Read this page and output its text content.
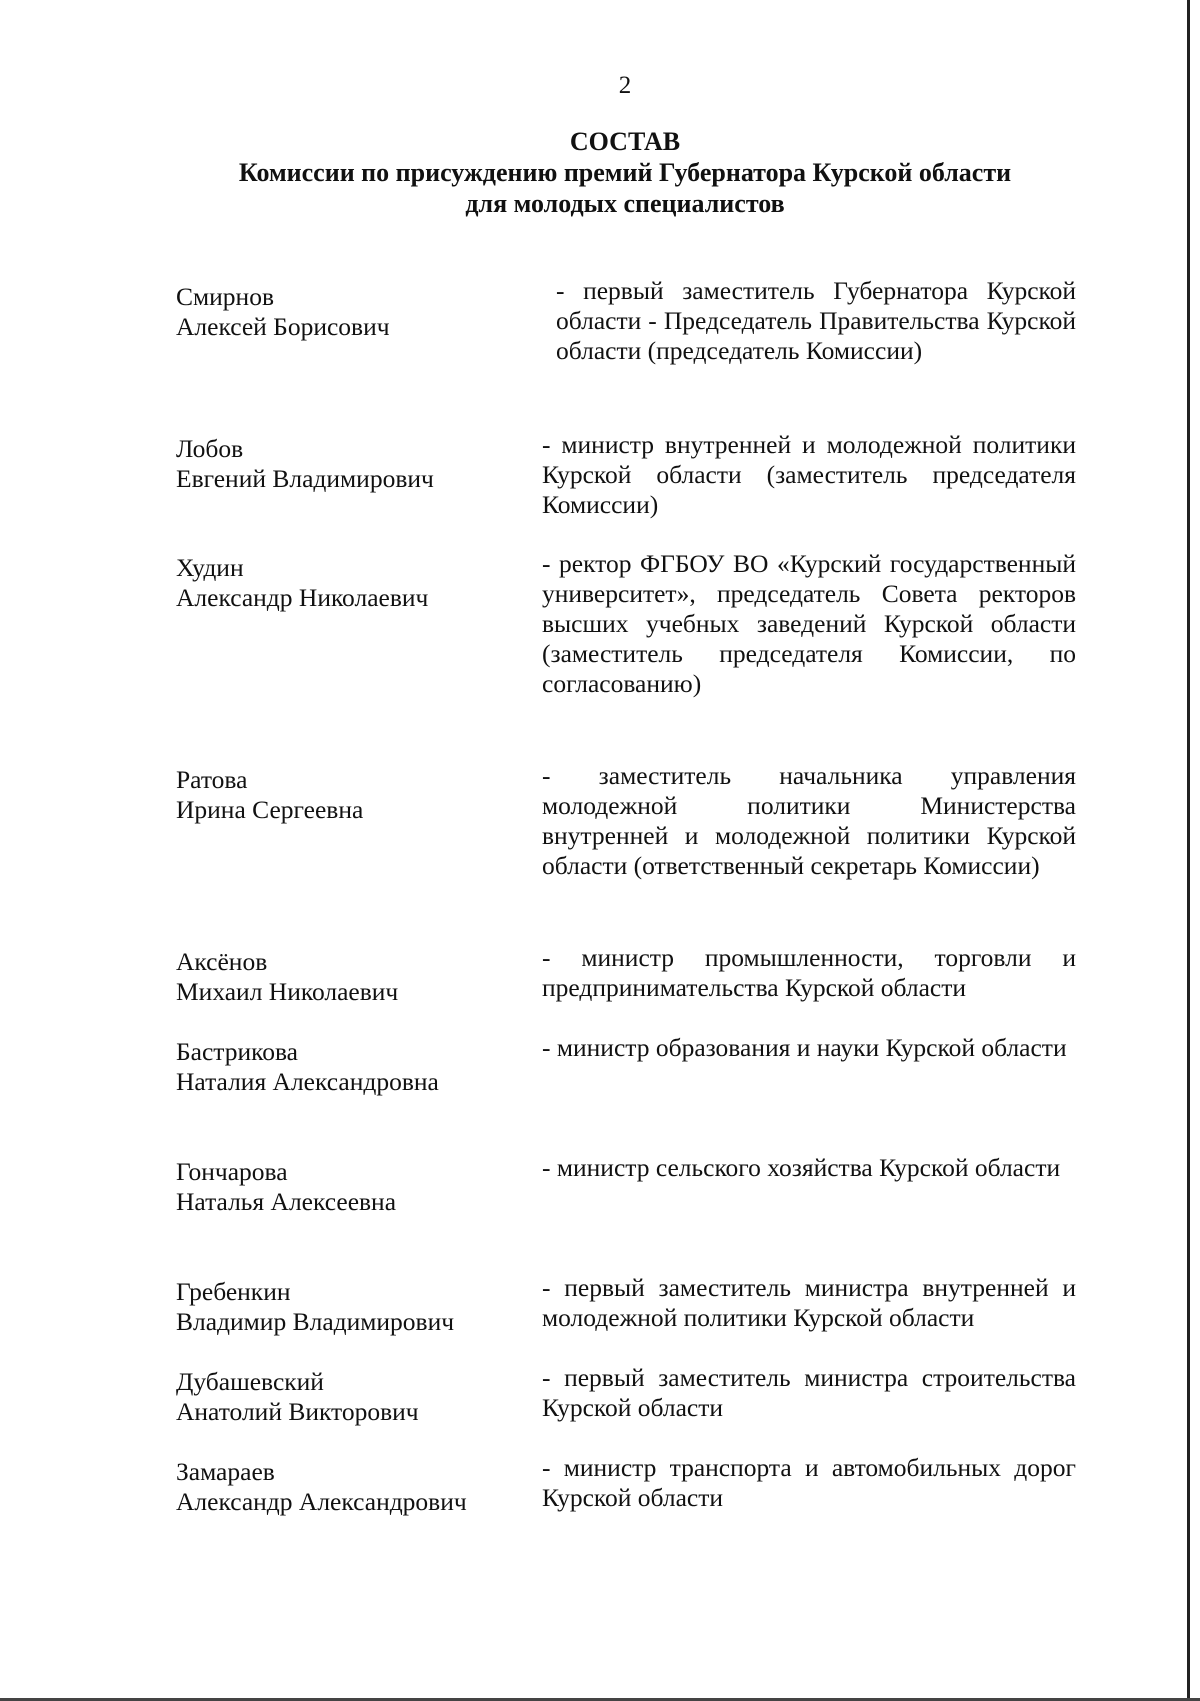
2
СОСТАВ
Комиссии по присуждению премий Губернатора Курской области
для молодых специалистов
Смирнов
Алексей Борисович
- первый заместитель Губернатора Курской области - Председатель Правительства Курской области (председатель Комиссии)
Лобов
Евгений Владимирович
- министр внутренней и молодежной политики Курской области (заместитель председателя Комиссии)
Худин
Александр Николаевич
- ректор ФГБОУ ВО «Курский государственный университет», председатель Совета ректоров высших учебных заведений Курской области (заместитель председателя Комиссии, по согласованию)
Ратова
Ирина Сергеевна
- заместитель начальника управления молодежной политики Министерства внутренней и молодежной политики Курской области (ответственный секретарь Комиссии)
Аксёнов
Михаил Николаевич
- министр промышленности, торговли и предпринимательства Курской области
Бастрикова
Наталия Александровна
- министр образования и науки Курской области
Гончарова
Наталья Алексеевна
- министр сельского хозяйства Курской области
Гребенкин
Владимир Владимирович
- первый заместитель министра внутренней и молодежной политики Курской области
Дубашевский
Анатолий Викторович
- первый заместитель министра строительства Курской области
Замараев
Александр Александрович
- министр транспорта и автомобильных дорог Курской области
